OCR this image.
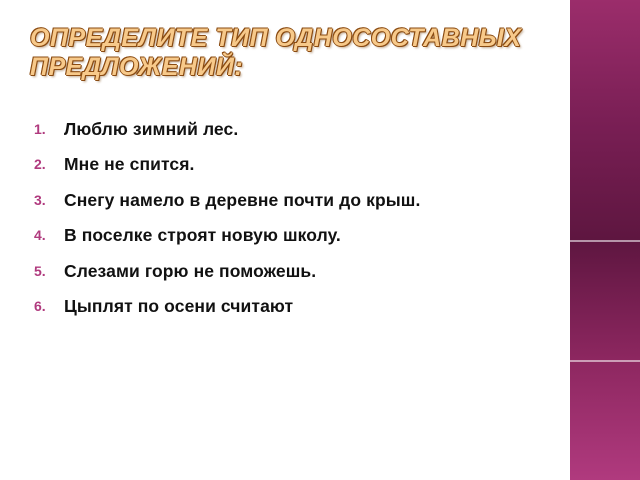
ОПРЕДЕЛИТЕ ТИП ОДНОСОСТАВНЫХ ПРЕДЛОЖЕНИЙ:
1.	Люблю зимний лес.
2.	Мне не спится.
3.	Снегу намело в деревне почти до крыш.
4.	В поселке строят новую школу.
5.	Слезами горю не поможешь.
6.	Цыплят по осени считают
